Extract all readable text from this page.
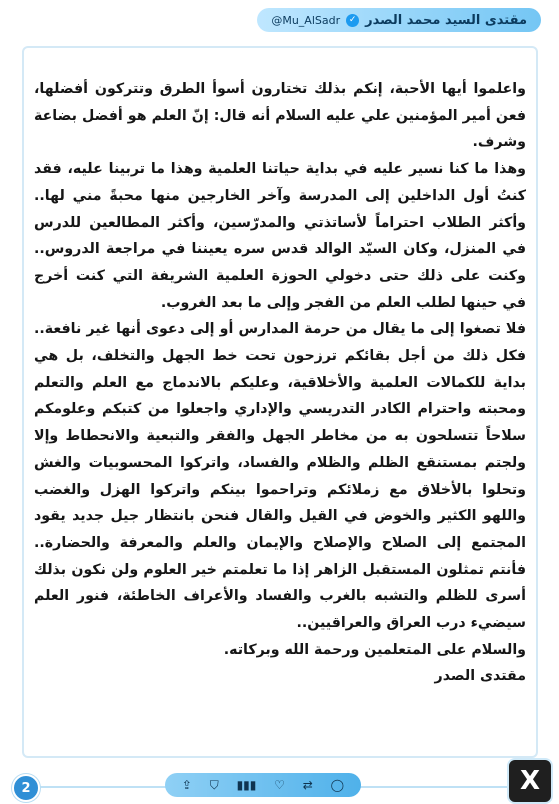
مقتدى السيد محمد الصدر
✓
@Mu_AlSadr

واعلموا أيها الأحبة، إنكم بذلك تختارون أسوأ الطرق وتتركون أفضلها، فعن أمير المؤمنين علي عليه السلام أنه قال: إنّ العلم هو أفضل بضاعة وشرف.

وهذا ما كنا نسير عليه في بداية حياتنا العلمية وهذا ما تربينا عليه، فقد كنتُ أول الداخلين إلى المدرسة وآخر الخارجين منها محبةً مني لها.. وأكثر الطلاب احتراماً لأساتذتي والمدرّسين، وأكثر المطالعين للدرس في المنزل، وكان السيّد الوالد قدس سره يعيننا في مراجعة الدروس.. وكنت على ذلك حتى دخولي الحوزة العلمية الشريفة التي كنت أخرج في حينها لطلب العلم من الفجر وإلى ما بعد الغروب.

فلا تصغوا إلى ما يقال من حرمة المدارس أو إلى دعوى أنها غير نافعة.. فكل ذلك من أجل بقائكم ترزحون تحت خط الجهل والتخلف، بل هي بداية للكمالات العلمية والأخلاقية، وعليكم بالاندماج مع العلم والتعلم ومحبته واحترام الكادر التدريسي والإداري واجعلوا من كتبكم وعلومكم سلاحاً تتسلحون به من مخاطر الجهل والفقر والتبعية والانحطاط وإلا ولجتم بمستنقع الظلم والظلام والفساد، واتركوا المحسوبيات والغش وتحلوا بالأخلاق مع زملائكم وتراحموا بينكم واتركوا الهزل والغضب واللهو الكثير والخوض في القيل والقال فنحن بانتظار جيل جديد يقود المجتمع إلى الصلاح والإصلاح والإيمان والعلم والمعرفة والحضارة.. فأنتم تمثلون المستقبل الزاهر إذا ما تعلمتم خير العلوم ولن نكون بذلك أسرى للظلم والتشبه بالغرب والفساد والأعراف الخاطئة، فنور العلم سيضيء درب العراق والعراقيين..

والسلام على المتعلمين ورحمة الله وبركاته.

مقتدى الصدر

2	⇪ ⛉ ▮▮▮ ♡ ⇄ ◯	X
